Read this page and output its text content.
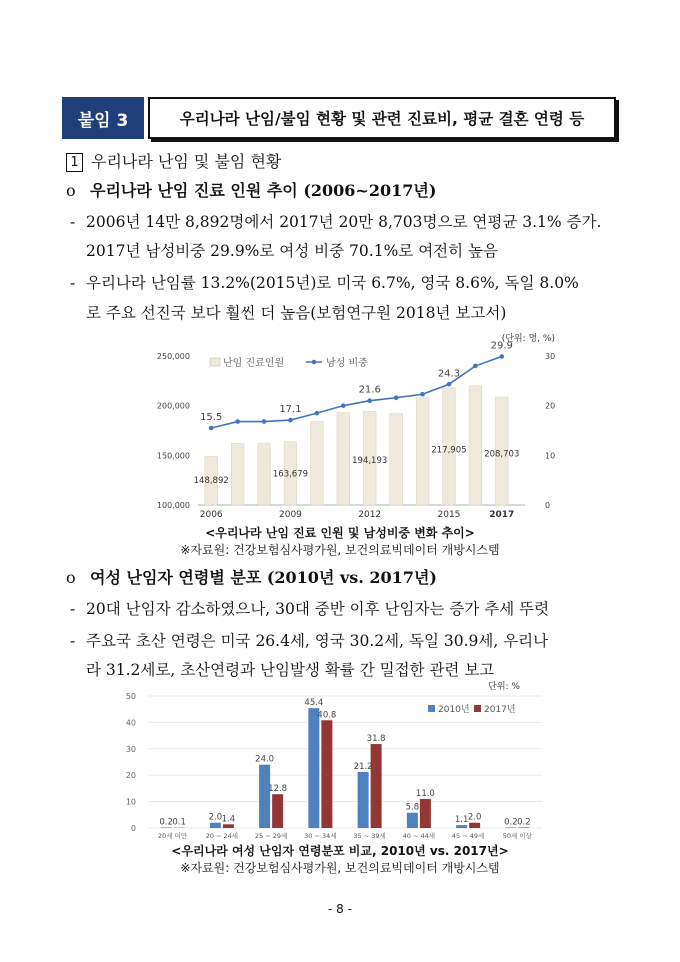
붙임 3	우리나라 난임/불임 현황 및 관련 진료비, 평균 결혼 연령 등
1 우리나라 난임 및 불임 현황
o 우리나라 난임 진료 인원 추이 (2006~2017년)
- 2006년 14만 8,892명에서 2017년 20만 8,703명으로 연평균 3.1% 증가.
2017년 남성비중 29.9%로 여성 비중 70.1%로 여전히 높음
- 우리나라 난임률 13.2%(2015년)로 미국 6.7%, 영국 8.6%, 독일 8.0%
로 주요 선진국 보다 훨씬 더 높음(보험연구원 2018년 보고서)
(단위: 명, %)
난임 진료인원	남성 비중
100,000
150,000
200,000
250,000
0
10
20
30
2006	2009	2012	2015	2017
15.5
17.1
21.6
24.3
29.9
148,892
163,679
194,193
217,905 208,703
<우리나라 난임 진료 인원 및 남성비중 변화 추이>
※자료원: 건강보험심사평가원, 보건의료빅데이터 개방시스템
o 여성 난임자 연령별 분포 (2010년 vs. 2017년)
- 20대 난임자 감소하였으나, 30대 중반 이후 난임자는 증가 추세 뚜렷
- 주요국 초산 연령은 미국 26.4세, 영국 30.2세, 독일 30.9세, 우리나
라 31.2세로, 초산연령과 난임발생 확률 간 밀접한 관련 보고
단위: %
0
10
20
30
40
50
2010년 2017년
20세 미만
0.2 0.1
20 ~ 24세
2.0 1.4
25 ~ 29세
24.0
12.8
30 ~ 34세
45.4
40.8
35 ~ 39세
21.2
31.8
40 ~ 44세
5.8
11.0
45 ~ 49세
1.1 2.0
50세 이상
0.2 0.2
<우리나라 여성 난임자 연령분포 비교, 2010년 vs. 2017년>
※자료원: 건강보험심사평가원, 보건의료빅데이터 개방시스템
- 8 -
